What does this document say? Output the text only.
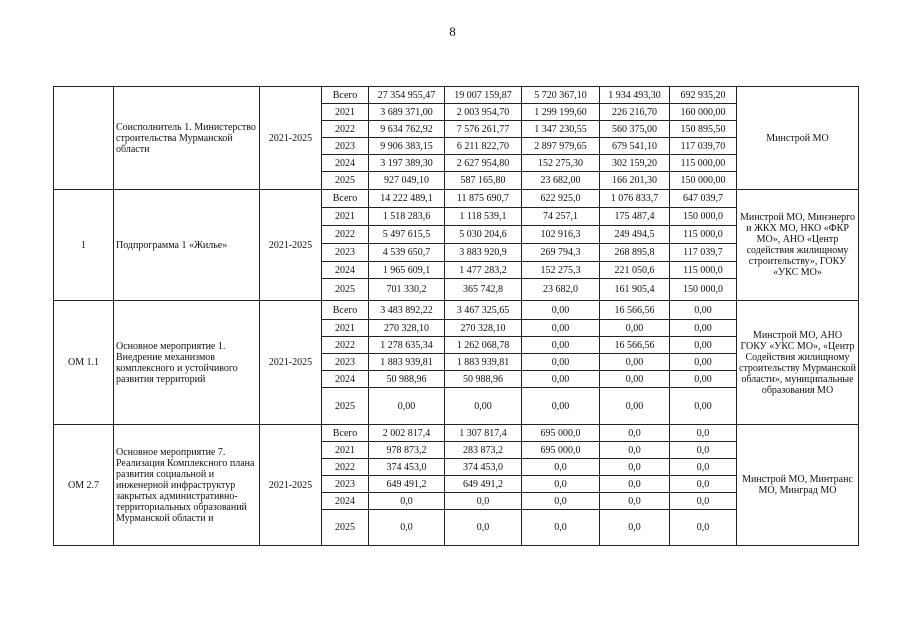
8
	Соисполнитель 1. Министерство строительства Мурманской области	2021-2025	Всего	27 354 955,47	19 007 159,87	5 720 367,10	1 934 493,30	692 935,20	Минстрой МО
			2021	3 689 371,00	2 003 954,70	1 299 199,60	226 216,70	160 000,00	
			2022	9 634 762,92	7 576 261,77	1 347 230,55	560 375,00	150 895,50	
			2023	9 906 383,15	6 211 822,70	2 897 979,65	679 541,10	117 039,70	
			2024	3 197 389,30	2 627 954,80	152 275,30	302 159,20	115 000,00	
			2025	927 049,10	587 165,80	23 682,00	166 201,30	150 000,00	
1	Подпрограмма 1 «Жилье»	2021-2025	Всего	14 222 489,1	11 875 690,7	622 925,0	1 076 833,7	647 039,7	Минстрой МО, Минэнерго и ЖКХ МО, НКО «ФКР МО», АНО «Центр содействия жилищному строительству», ГОКУ «УКС МО»
			2021	1 518 283,6	1 118 539,1	74 257,1	175 487,4	150 000,0	
			2022	5 497 615,5	5 030 204,6	102 916,3	249 494,5	115 000,0	
			2023	4 539 650,7	3 883 920,9	269 794,3	268 895,8	117 039,7	
			2024	1 965 609,1	1 477 283,2	152 275,3	221 050,6	115 000,0	
			2025	701 330,2	365 742,8	23 682,0	161 905,4	150 000,0	
ОМ 1.1	Основное мероприятие 1. Внедрение механизмов комплексного и устойчивого развития территорий	2021-2025	Всего	3 483 892,22	3 467 325,65	0,00	16 566,56	0,00	Минстрой МО, АНО ГОКУ «УКС МО», «Центр Содействия жилищному строительству Мурманской области», муниципальные образования МО
			2021	270 328,10	270 328,10	0,00	0,00	0,00	
			2022	1 278 635,34	1 262 068,78	0,00	16 566,56	0,00	
			2023	1 883 939,81	1 883 939,81	0,00	0,00	0,00	
			2024	50 988,96	50 988,96	0,00	0,00	0,00	
			2025	0,00	0,00	0,00	0,00	0,00	
ОМ 2.7	Основное мероприятие 7. Реализация Комплексного плана развития социальной и инженерной инфраструктур закрытых административно-территориальных образований Мурманской области и	2021-2025	Всего	2 002 817,4	1 307 817,4	695 000,0	0,0	0,0	Минстрой МО, Минтранс МО, Минград МО
			2021	978 873,2	283 873,2	695 000,0	0,0	0,0	
			2022	374 453,0	374 453,0	0,0	0,0	0,0	
			2023	649 491,2	649 491,2	0,0	0,0	0,0	
			2024	0,0	0,0	0,0	0,0	0,0	
			2025	0,0	0,0	0,0	0,0	0,0	
